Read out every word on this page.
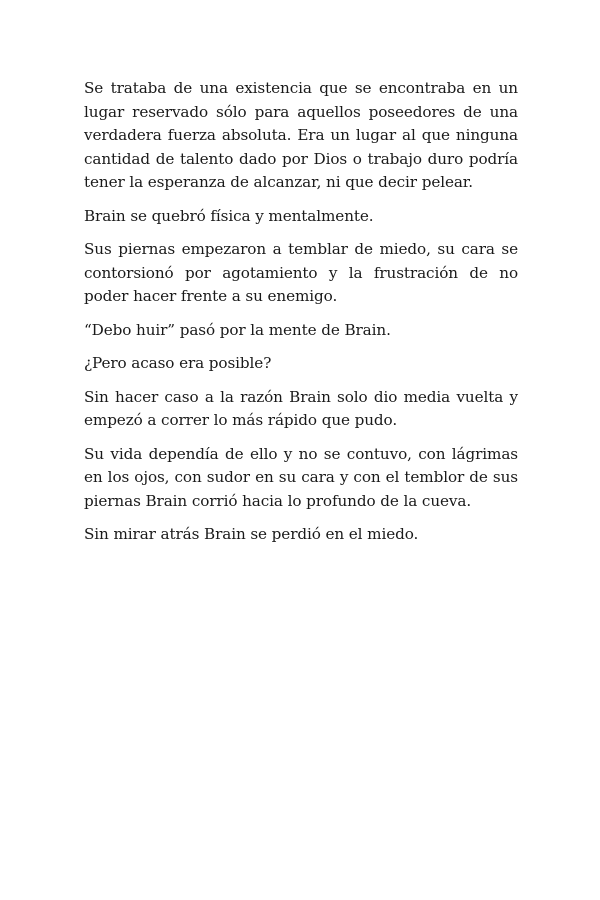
Se trataba de una existencia que se encontraba en un lugar reservado sólo para aquellos poseedores de una verdadera fuerza absoluta. Era un lugar al que ninguna cantidad de talento dado por Dios o trabajo duro podría tener la esperanza de alcanzar, ni que decir pelear.

Brain se quebró física y mentalmente.

Sus piernas empezaron a temblar de miedo, su cara se contorsionó por agotamiento y la frustración de no poder hacer frente a su enemigo.

“Debo huir” pasó por la mente de Brain.

¿Pero acaso era posible?

Sin hacer caso a la razón Brain solo dio media vuelta y empezó a correr lo más rápido que pudo.

Su vida dependía de ello y no se contuvo, con lágrimas en los ojos, con sudor en su cara y con el temblor de sus piernas Brain corrió hacia lo profundo de la cueva.

Sin mirar atrás Brain se perdió en el miedo.
